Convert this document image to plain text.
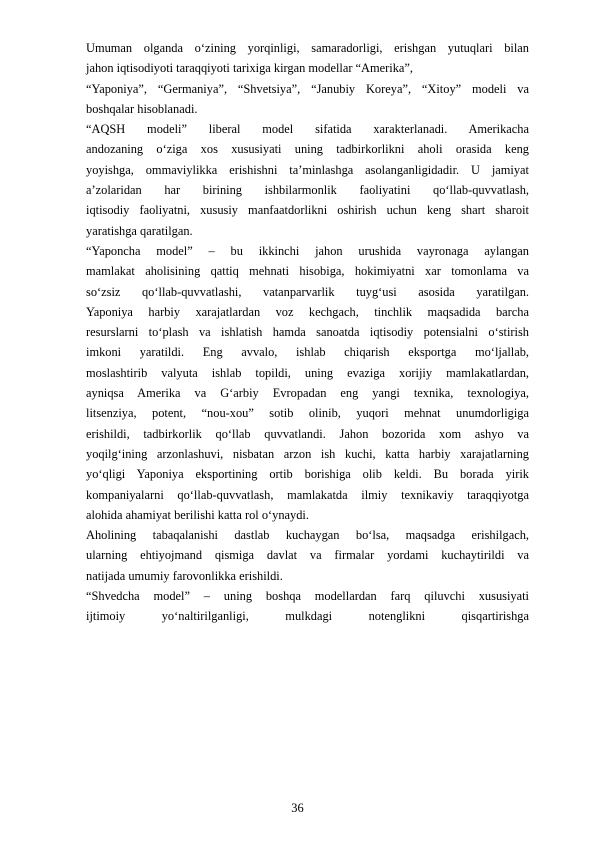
Umuman olganda o‘zining yorqinligi, samaradorligi, erishgan yutuqlari bilan
jahon iqtisodiyoti taraqqiyoti tarixiga kirgan modellar “Amerika”,
“Yaponiya”, “Germaniya”, “Shvetsiya”, “Janubiy Koreya”, “Xitoy” modeli va
boshqalar hisoblanadi.
“AQSH modeli” liberal model sifatida xarakterlanadi. Amerikacha
andozaning o‘ziga xos xususiyati uning tadbirkorlikni aholi orasida keng
yoyishga, ommaviylikka erishishni ta’minlashga asolanganligidadir. U jamiyat
a’zolaridan har birining ishbilarmonlik faoliyatini qo‘llab-quvvatlash,
iqtisodiy faoliyatni, xususiy manfaatdorlikni oshirish uchun keng shart sharoit
yaratishga qaratilgan.
“Yaponcha model” – bu ikkinchi jahon urushida vayronaga aylangan
mamlakat aholisining qattiq mehnati hisobiga, hokimiyatni xar tomonlama va
so‘zsiz qo‘llab-quvvatlashi, vatanparvarlik tuyg‘usi asosida yaratilgan.
Yaponiya harbiy xarajatlardan voz kechgach, tinchlik maqsadida barcha
resurslarni to‘plash va ishlatish hamda sanoatda iqtisodiy potensialni o‘stirish
imkoni yaratildi. Eng avvalo, ishlab chiqarish eksportga mo‘ljallab,
moslashtirib valyuta ishlab topildi, uning evaziga xorijiy mamlakatlardan,
ayniqsa Amerika va G‘arbiy Evropadan eng yangi texnika, texnologiya,
litsenziya, potent, “nou-xou” sotib olinib, yuqori mehnat unumdorligiga
erishildi, tadbirkorlik qo‘llab quvvatlandi. Jahon bozorida xom ashyo va
yoqilg‘ining arzonlashuvi, nisbatan arzon ish kuchi, katta harbiy xarajatlarning
yo‘qligi Yaponiya eksportining ortib borishiga olib keldi. Bu borada yirik
kompaniyalarni qo‘llab-quvvatlash, mamlakatda ilmiy texnikaviy taraqqiyotga
alohida ahamiyat berilishi katta rol o‘ynaydi.
Aholining tabaqalanishi dastlab kuchaygan bo‘lsa, maqsadga erishilgach,
ularning ehtiyojmand qismiga davlat va firmalar yordami kuchaytirildi va
natijada umumiy farovonlikka erishildi.
“Shvedcha model” – uning boshqa modellardan farq qiluvchi xususiyati
ijtimoiy yo‘naltirilganligi, mulkdagi notenglikni qisqartirishga
36
